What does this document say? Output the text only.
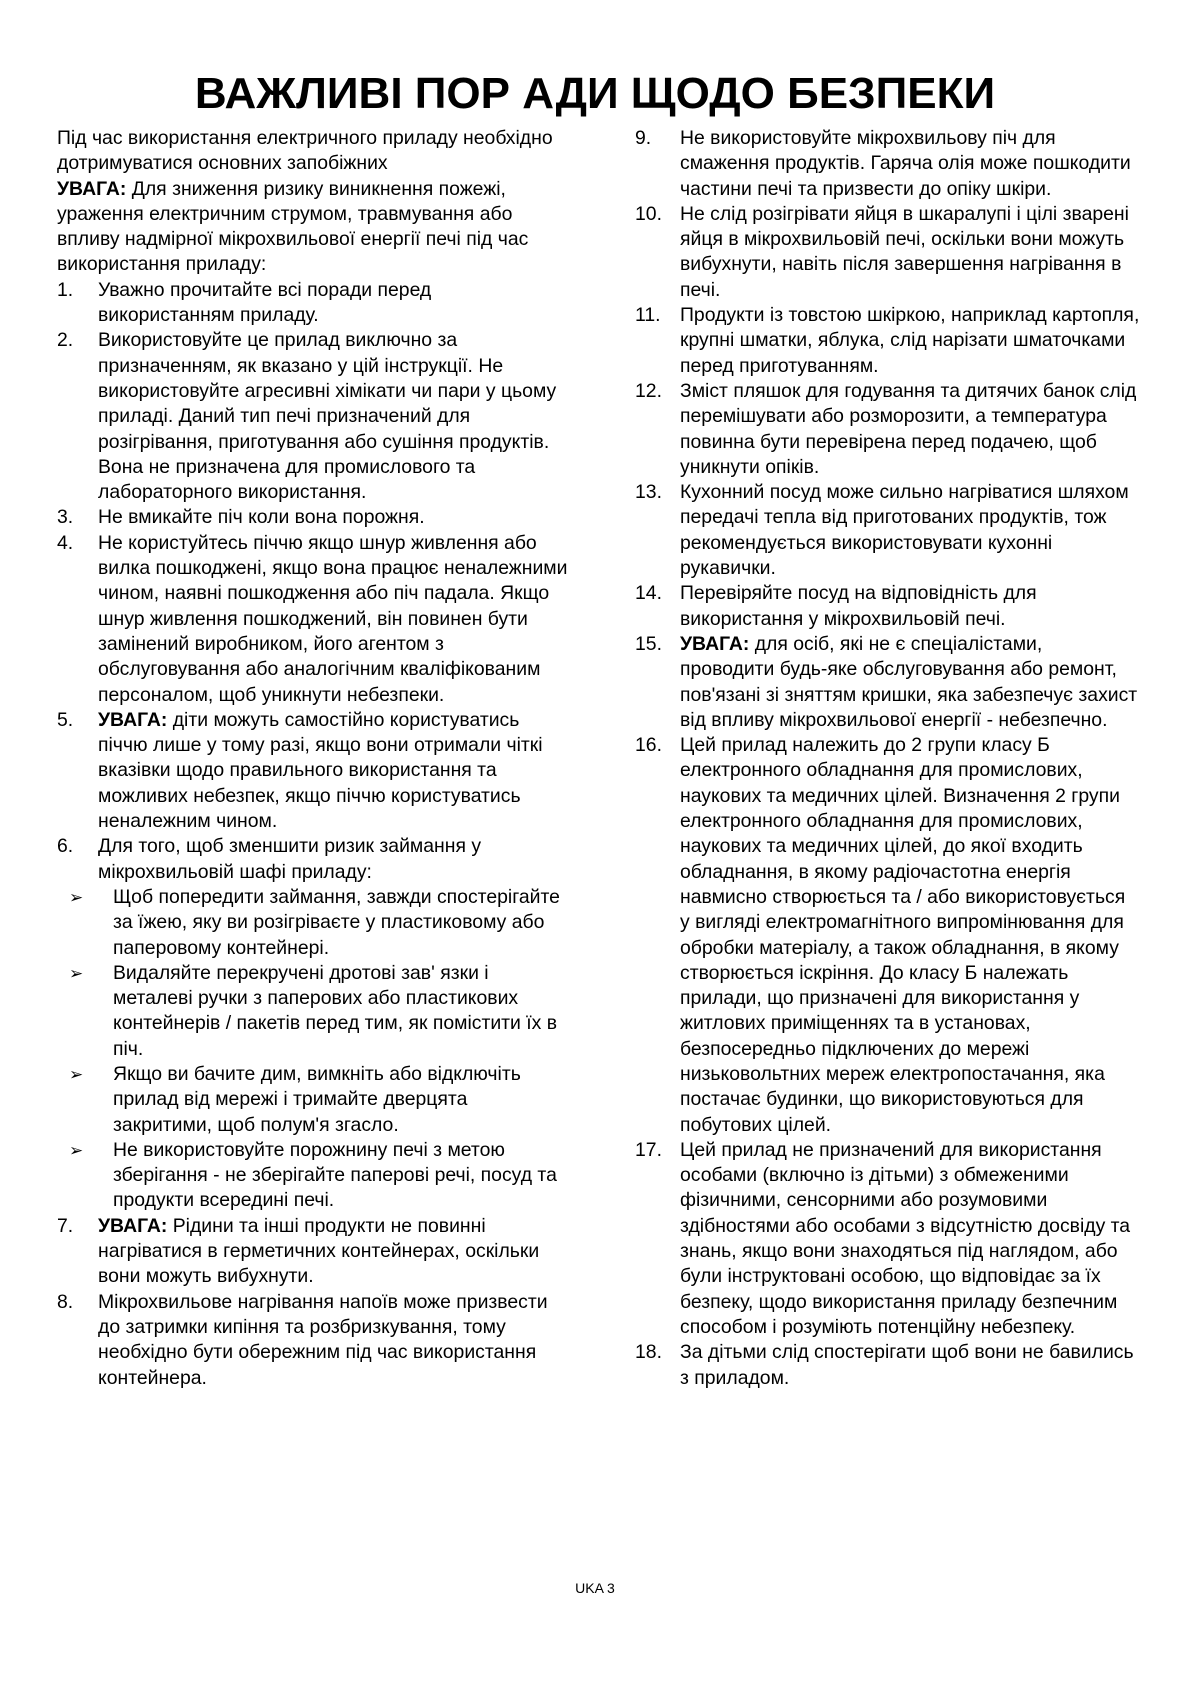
ВАЖЛИВІ ПОР АДИ ЩОДО БЕЗПЕКИ

Під час використання електричного приладу необхідно дотримуватися основних запобіжних

УВАГА: Для зниження ризику виникнення пожежі, ураження електричним струмом, травмування або впливу надмірної мікрохвильової енергії печі під час використання приладу:

1.	Уважно прочитайте всі поради перед використанням приладу.
2.	Використовуйте це прилад виключно за призначенням, як вказано у цій інструкції. Не використовуйте агресивні хімікати чи пари у цьому приладі. Даний тип печі призначений для розігрівання, приготування або сушіння продуктів. Вона не призначена для промислового та лабораторного використання.
3.	Не вмикайте піч коли вона порожня.
4.	Не користуйтесь піччю якщо шнур живлення або вилка пошкоджені, якщо вона працює неналежними чином, наявні пошкодження або піч падала. Якщо шнур живлення пошкоджений, він повинен бути замінений виробником, його агентом з обслуговування або аналогічним кваліфікованим персоналом, щоб уникнути небезпеки.
5.	УВАГА: діти можуть самостійно користуватись піччю лише у тому разі, якщо вони отримали чіткі вказівки щодо правильного використання та можливих небезпек, якщо піччю користуватись неналежним чином.
6.	Для того, щоб зменшити ризик займання у мікрохвильовій шафі приладу:
➢ Щоб попередити займання, завжди спостерігайте за їжею, яку ви розігріваєте у пластиковому або паперовому контейнері.
➢ Видаляйте перекручені дротові зав' язки і металеві ручки з паперових або пластикових контейнерів / пакетів перед тим, як помістити їх в піч.
➢ Якщо ви бачите дим, вимкніть або відключіть прилад від мережі і тримайте дверцята закритими, щоб полум'я згасло.
➢ Не використовуйте порожнину печі з метою зберігання - не зберігайте паперові речі, посуд та продукти всередині печі.
7.	УВАГА: Рідини та інші продукти не повинні нагріватися в герметичних контейнерах, оскільки вони можуть вибухнути.
8.	Мікрохвильове нагрівання напоїв може призвести до затримки кипіння та розбризкування, тому необхідно бути обережним під час використання контейнера.
9.	Не використовуйте мікрохвильову піч для смаження продуктів. Гаряча олія може пошкодити частини печі та призвести до опіку шкіри.
10. Не слід розігрівати яйця в шкаралупі і цілі зварені яйця в мікрохвильовій печі, оскільки вони можуть вибухнути, навіть після завершення нагрівання в печі.
11.	Продукти із товстою шкіркою, наприклад картопля, крупні шматки, яблука, слід нарізати шматочками перед приготуванням.
12. Зміст пляшок для годування та дитячих банок слід перемішувати або розморозити, а температура повинна бути перевірена перед подачею, щоб уникнути опіків.
13. Кухонний посуд може сильно нагріватися шляхом передачі тепла від приготованих продуктів, тож рекомендується використовувати кухонні рукавички.
14. Перевіряйте посуд на відповідність для використання у мікрохвильовій печі.
15. УВАГА: для осіб, які не є спеціалістами, проводити будь-яке обслуговування або ремонт, пов'язані зі зняттям кришки, яка забезпечує захист від впливу мікрохвильової енергії - небезпечно.
16. Цей прилад належить до 2 групи класу Б електронного обладнання для промислових, наукових та медичних цілей. Визначення 2 групи електронного обладнання для промислових, наукових та медичних цілей, до якої входить обладнання, в якому радіочастотна енергія навмисно створюється та / або використовується у вигляді електромагнітного випромінювання для обробки матеріалу, а також обладнання, в якому створюється іскріння. До класу Б належать прилади, що призначені для використання у житлових приміщеннях та в установах, безпосередньо підключених до мережі низьковольтних мереж електропостачання, яка постачає будинки, що використовуються для побутових цілей.
17. Цей прилад не призначений для використання особами (включно із дітьми) з обмеженими фізичними, сенсорними або розумовими здібностями або особами з відсутністю досвіду та знань, якщо вони знаходяться під наглядом, або були інструктовані особою, що відповідає за їх безпеку, щодо використання приладу безпечним способом і розуміють потенційну небезпеку.
18. За дітьми слід спостерігати щоб вони не бавились з приладом.
UKA 3
